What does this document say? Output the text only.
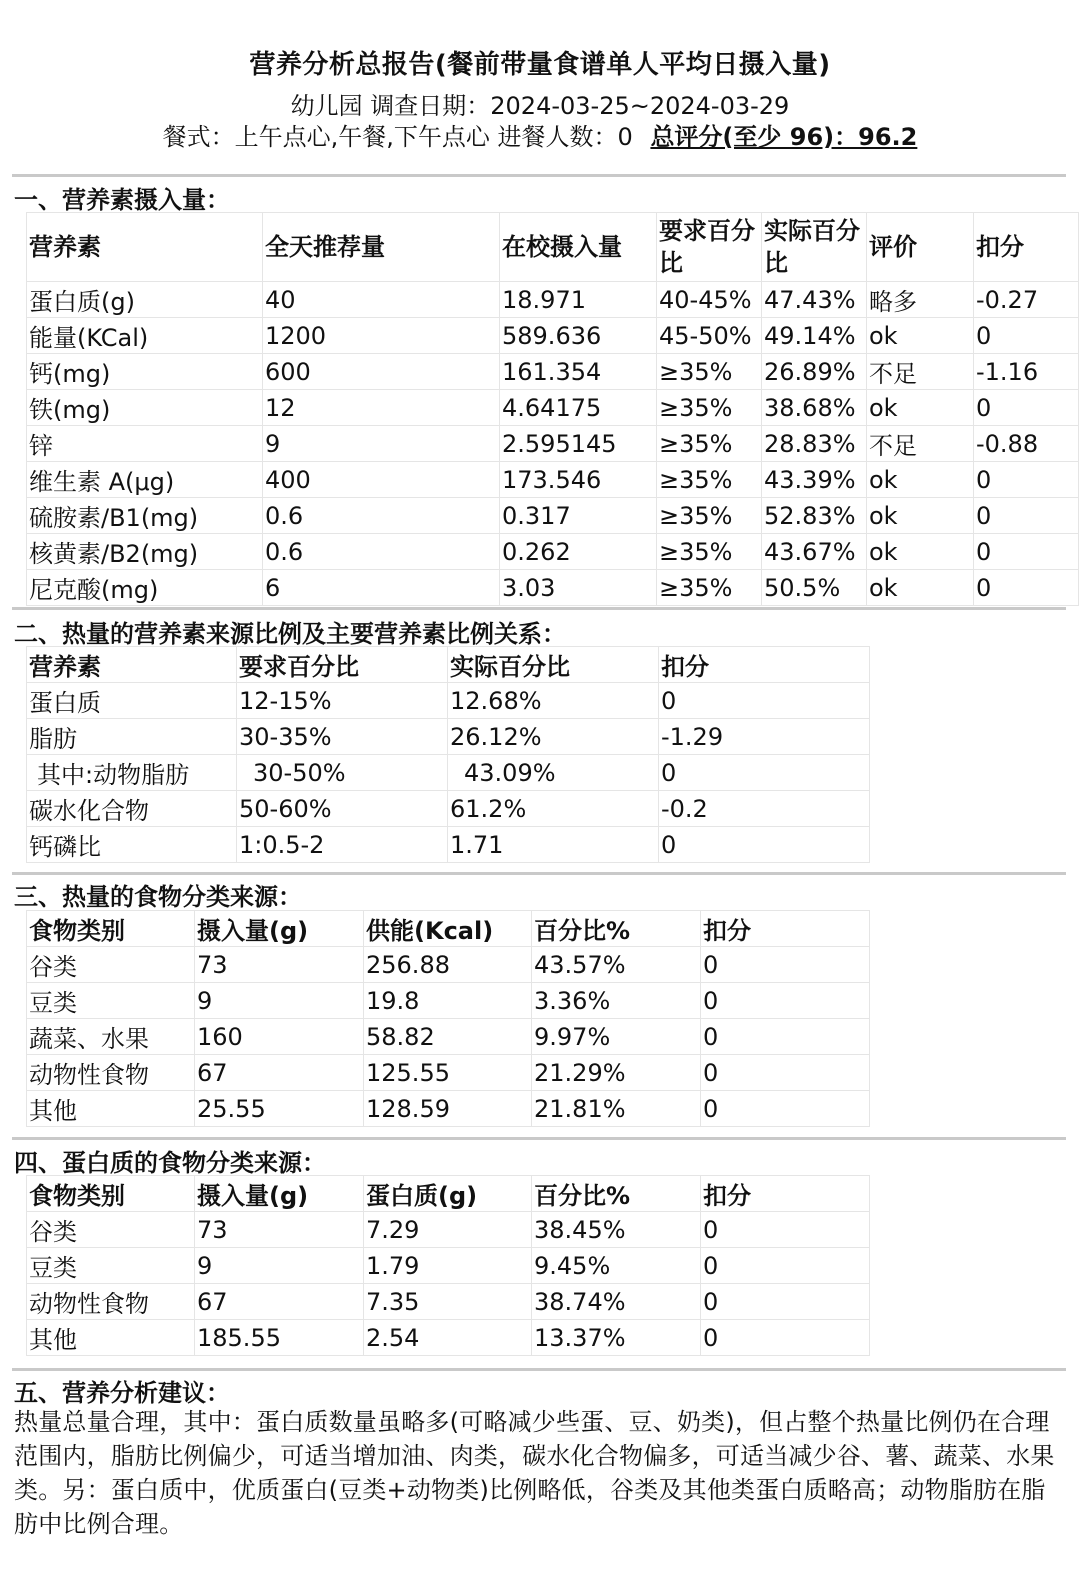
营养分析总报告(餐前带量食谱单人平均日摄入量)
幼儿园 调查日期：2024-03-25~2024-03-29
餐式：上午点心,午餐,下午点心 进餐人数：0 总评分(至少 96)：96.2
一、营养素摄入量：
营养素	全天推荐量	在校摄入量	要求百分比	实际百分比	评价	扣分
蛋白质(g)	40	18.971	40-45%	47.43%	略多	-0.27
能量(KCal)	1200	589.636	45-50%	49.14%	ok	0
钙(mg)	600	161.354	≥35%	26.89%	不足	-1.16
铁(mg)	12	4.64175	≥35%	38.68%	ok	0
锌	9	2.595145	≥35%	28.83%	不足	-0.88
维生素 A(μg)	400	173.546	≥35%	43.39%	ok	0
硫胺素/B1(mg)	0.6	0.317	≥35%	52.83%	ok	0
核黄素/B2(mg)	0.6	0.262	≥35%	43.67%	ok	0
尼克酸(mg)	6	3.03	≥35%	50.5%	ok	0
二、热量的营养素来源比例及主要营养素比例关系：
营养素	要求百分比	实际百分比	扣分
蛋白质	12-15%	12.68%	0
脂肪	30-35%	26.12%	-1.29
其中:动物脂肪	30-50%	43.09%	0
碳水化合物	50-60%	61.2%	-0.2
钙磷比	1:0.5-2	1.71	0
三、热量的食物分类来源：
食物类别	摄入量(g)	供能(Kcal)	百分比%	扣分
谷类	73	256.88	43.57%	0
豆类	9	19.8	3.36%	0
蔬菜、水果	160	58.82	9.97%	0
动物性食物	67	125.55	21.29%	0
其他	25.55	128.59	21.81%	0
四、蛋白质的食物分类来源：
食物类别	摄入量(g)	蛋白质(g)	百分比%	扣分
谷类	73	7.29	38.45%	0
豆类	9	1.79	9.45%	0
动物性食物	67	7.35	38.74%	0
其他	185.55	2.54	13.37%	0
五、营养分析建议：
热量总量合理，其中：蛋白质数量虽略多(可略减少些蛋、豆、奶类)，但占整个热量比例仍在合理范围内，脂肪比例偏少，可适当增加油、肉类，碳水化合物偏多，可适当减少谷、薯、蔬菜、水果类。另：蛋白质中，优质蛋白(豆类+动物类)比例略低，谷类及其他类蛋白质略高；动物脂肪在脂肪中比例合理。
